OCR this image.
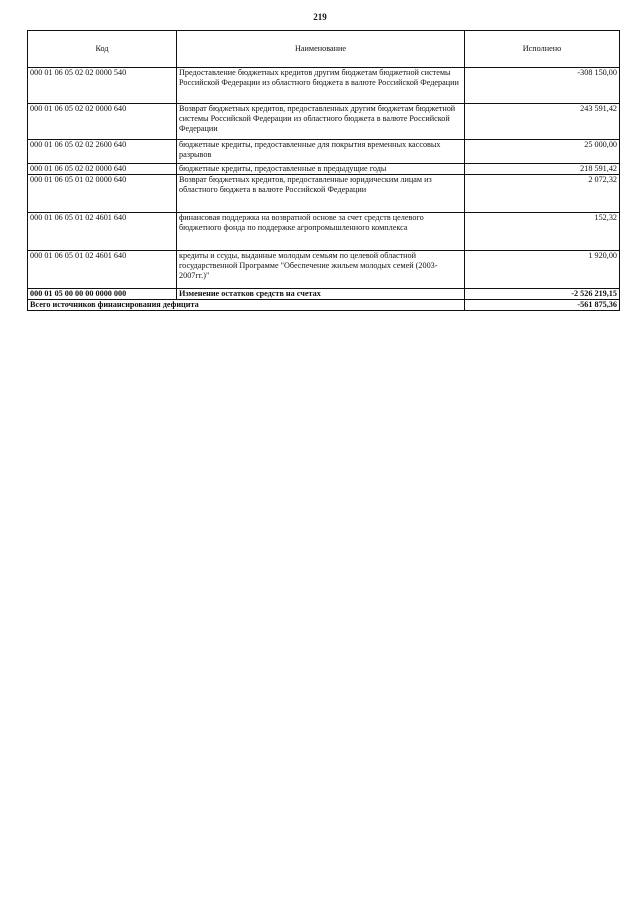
219
Код	Наименование	Исполнено
000 01 06 05 02 02 0000 540	Предоставление бюджетных кредитов другим бюджетам бюджетной системы Российской Федерации из областного бюджета в валюте Российской Федерации	-308 150,00
000 01 06 05 02 02 0000 640	Возврат бюджетных кредитов, предоставленных другим бюджетам бюджетной системы Российской Федерации из областного бюджета в валюте Российской Федерации	243 591,42
000 01 06 05 02 02 2600 640	бюджетные кредиты, предоставленные для покрытия временных кассовых разрывов	25 000,00
000 01 06 05 02 02 0000 640	бюджетные кредиты, предоставленные в предыдущие годы	218 591,42
000 01 06 05 01 02 0000 640	Возврат бюджетных кредитов, предоставленные юридическим лицам из областного бюджета в валюте Российской Федерации	2 072,32
000 01 06 05 01 02 4601 640	финансовая поддержка на возвратной основе за счет средств целевого бюджетного фонда по поддержке агропромышленного комплекса	152,32
000 01 06 05 01 02 4601 640	кредиты и ссуды, выданные молодым семьям по целевой областной государственной Программе "Обеспечение жильем молодых семей (2003-2007гг.)"	1 920,00
000 01 05 00 00 00 0000 000	Изменение остатков средств на счетах	-2 526 219,15
Всего источников финансирования дефицита		-561 875,36
